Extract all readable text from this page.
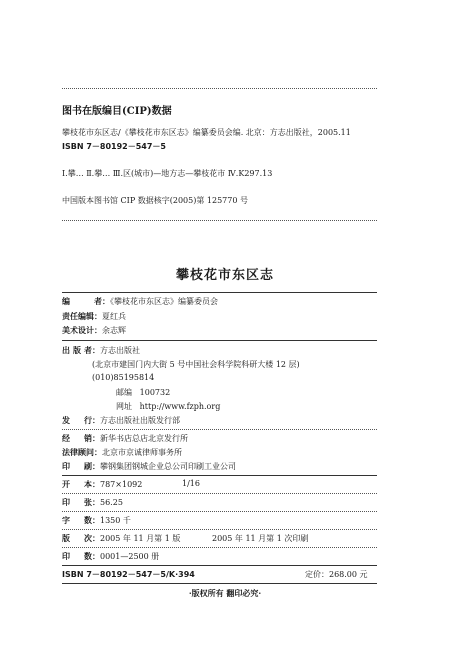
图书在版编目(CIP)数据
攀枝花市东区志/《攀枝花市东区志》编纂委员会编. 北京：方志出版社，2005.11
ISBN 7－80192－547－5
Ⅰ.攀… Ⅱ.攀… Ⅲ.区(城市)—地方志—攀枝花市 Ⅳ.K297.13
中国版本图书馆 CIP 数据核字(2005)第 125770 号
攀枝花市东区志
编者：《攀枝花市东区志》编纂委员会
责任编辑：夏红兵
美术设计：余志辉
出版者：方志出版社
(北京市建国门内大街 5 号中国社会科学院科研大楼 12 层)
(010)85195814
邮编 100732
网址 http://www.fzph.org
发行：方志出版社出版发行部
经销：新华书店总店北京发行所
法律顾问：北京市京诚律师事务所
印刷：攀钢集团钢城企业总公司印刷工业公司
开本：787×1092	1/16
印张：56.25
字数：1350 千
版次：2005 年 11 月第 1 版	2005 年 11 月第 1 次印刷
印数：0001—2500 册
ISBN 7－80192－547－5/K·394	定价：268.00 元
·版权所有 翻印必究·
